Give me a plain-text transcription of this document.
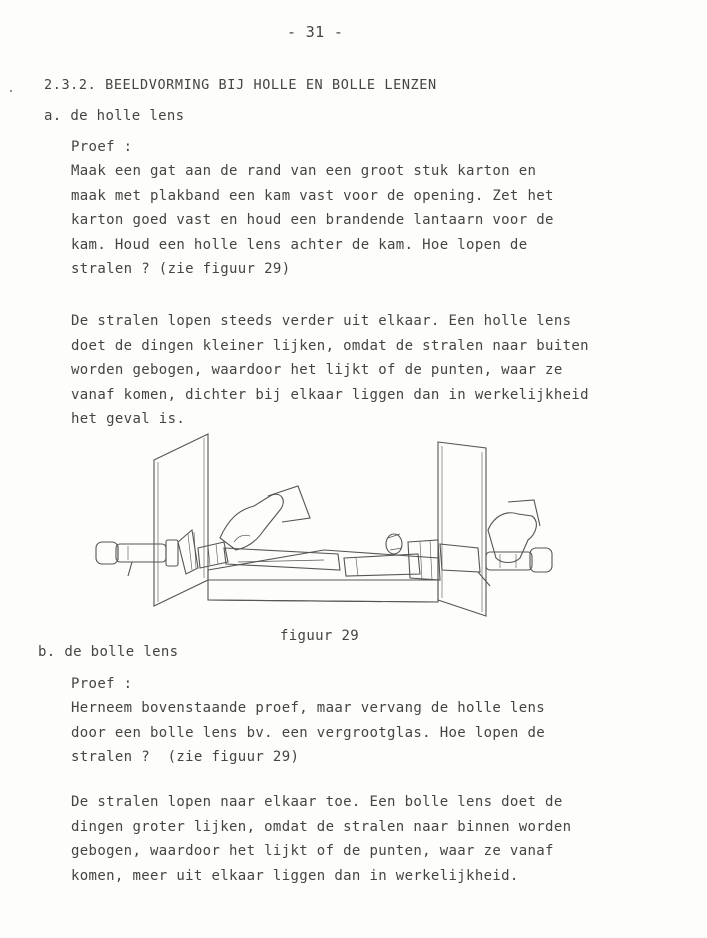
- 31 -
2.3.2. BEELDVORMING BIJ HOLLE EN BOLLE LENZEN
a. de holle lens
Proef :
Maak een gat aan de rand van een groot stuk karton en
maak met plakband een kam vast voor de opening. Zet het
karton goed vast en houd een brandende lantaarn voor de
kam. Houd een holle lens achter de kam. Hoe lopen de
stralen ? (zie figuur 29)
De stralen lopen steeds verder uit elkaar. Een holle lens
doet de dingen kleiner lijken, omdat de stralen naar buiten
worden gebogen, waardoor het lijkt of de punten, waar ze
vanaf komen, dichter bij elkaar liggen dan in werkelijkheid
het geval is.
figuur 29
b. de bolle lens
Proef :
Herneem bovenstaande proef, maar vervang de holle lens
door een bolle lens bv. een vergrootglas. Hoe lopen de
stralen ?  (zie figuur 29)
De stralen lopen naar elkaar toe. Een bolle lens doet de
dingen groter lijken, omdat de stralen naar binnen worden
gebogen, waardoor het lijkt of de punten, waar ze vanaf
komen, meer uit elkaar liggen dan in werkelijkheid.
